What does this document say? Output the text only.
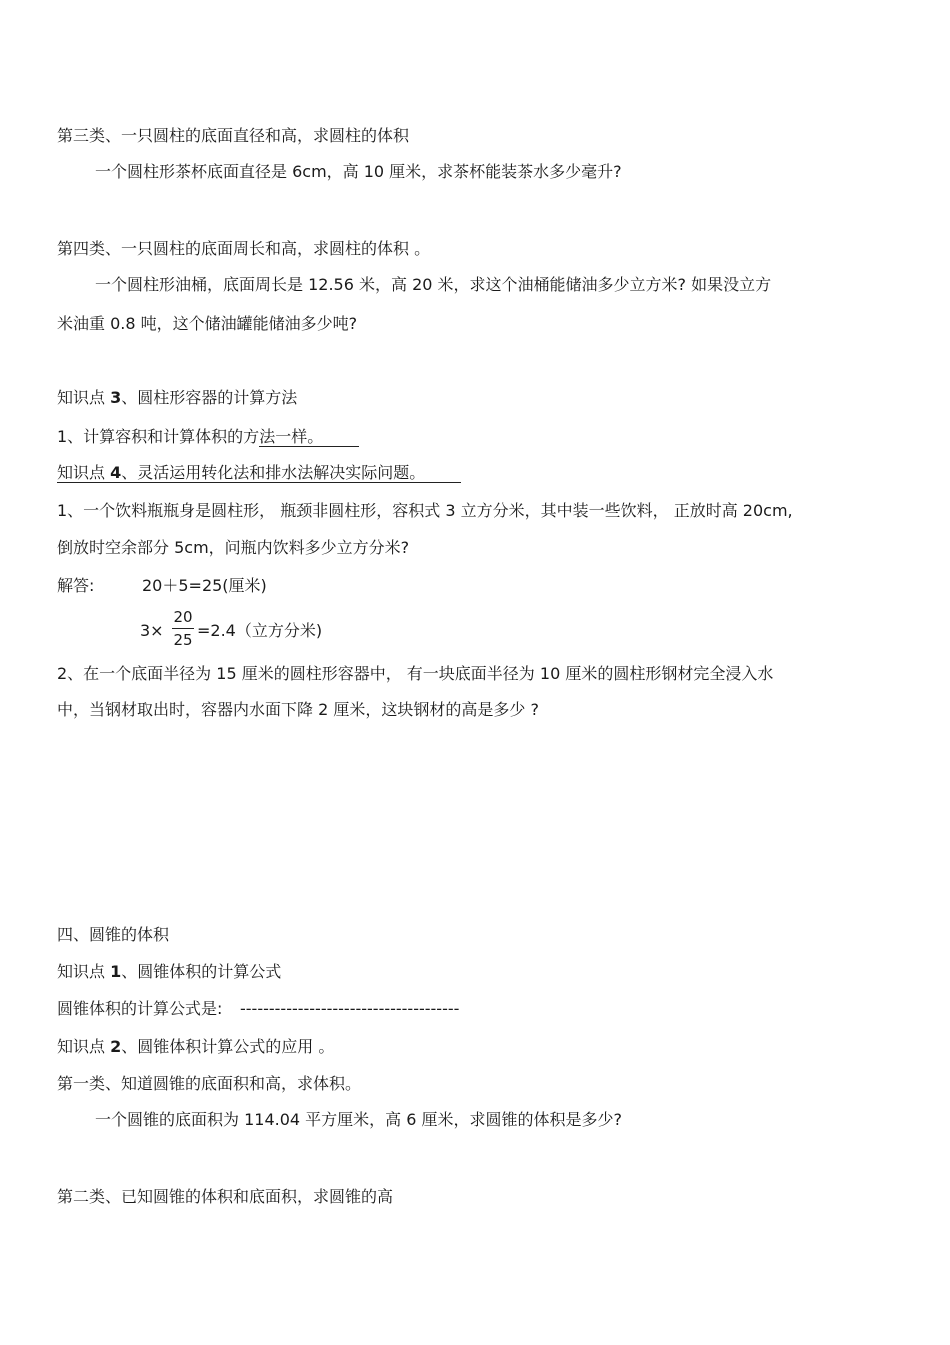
第三类、一只圆柱的底面直径和高，求圆柱的体积
一个圆柱形茶杯底面直径是 6cm，高 10 厘米，求茶杯能装茶水多少毫升?
第四类、一只圆柱的底面周长和高，求圆柱的体积 。
一个圆柱形油桶，底面周长是 12.56 米，高 20 米，求这个油桶能储油多少立方米? 如果没立方
米油重 0.8 吨，这个储油罐能储油多少吨?
知识点 3、圆柱形容器的计算方法
1、计算容积和计算体积的方法一样。
知识点 4、灵活运用转化法和排水法解决实际问题。
1、一个饮料瓶瓶身是圆柱形， 瓶颈非圆柱形，容积式 3 立方分米，其中装一些饮料， 正放时高 20cm,
倒放时空余部分 5cm，问瓶内饮料多少立方分米?
解答:	20＋5=25(厘米)
3×
20
25 =2.4（立方分米)
2、在一个底面半径为 15 厘米的圆柱形容器中， 有一块底面半径为 10 厘米的圆柱形钢材完全浸入水
中，当钢材取出时，容器内水面下降 2 厘米，这块钢材的高是多少 ?
四、圆锥的体积
知识点 1、圆锥体积的计算公式
圆锥体积的计算公式是: --------------------------------------
知识点 2、圆锥体积计算公式的应用 。
第一类、知道圆锥的底面积和高，求体积。
一个圆锥的底面积为 114.04 平方厘米，高 6 厘米，求圆锥的体积是多少?
第二类、已知圆锥的体积和底面积，求圆锥的高
